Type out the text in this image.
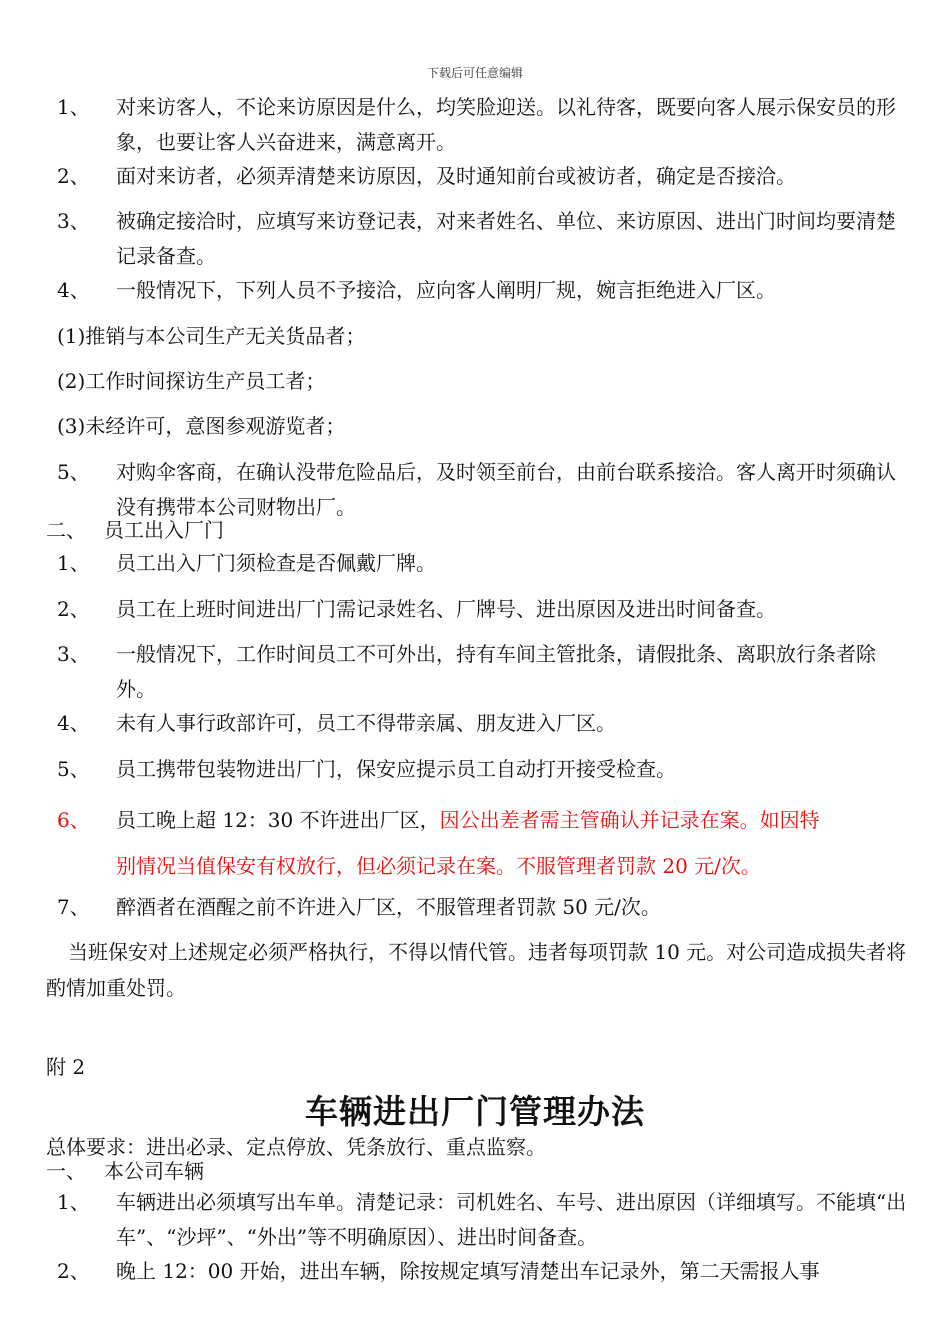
下载后可任意编辑
1、	对来访客人，不论来访原因是什么，均笑脸迎送。以礼待客，既要向客人展示保安员的形象，也要让客人兴奋进来，满意离开。
2、	面对来访者，必须弄清楚来访原因，及时通知前台或被访者，确定是否接洽。
3、	被确定接洽时，应填写来访登记表，对来者姓名、单位、来访原因、进出门时间均要清楚记录备查。
4、	一般情况下，下列人员不予接洽，应向客人阐明厂规，婉言拒绝进入厂区。
(1)推销与本公司生产无关货品者；
(2)工作时间探访生产员工者；
(3)未经许可，意图参观游览者；
5、	对购伞客商，在确认没带危险品后，及时领至前台，由前台联系接洽。客人离开时须确认没有携带本公司财物出厂。
二、 员工出入厂门
1、	员工出入厂门须检查是否佩戴厂牌。
2、	员工在上班时间进出厂门需记录姓名、厂牌号、进出原因及进出时间备查。
3、	一般情况下，工作时间员工不可外出，持有车间主管批条，请假批条、离职放行条者除外。
4、	未有人事行政部许可，员工不得带亲属、朋友进入厂区。
5、	员工携带包装物进出厂门，保安应提示员工自动打开接受检查。
6、	员工晚上超 12：30 不许进出厂区，因公出差者需主管确认并记录在案。如因特
别情况当值保安有权放行，但必须记录在案。不服管理者罚款 20 元/次。
7、	醉酒者在酒醒之前不许进入厂区，不服管理者罚款 50 元/次。
当班保安对上述规定必须严格执行，不得以情代管。违者每项罚款 10 元。对公司造成损失者将酌情加重处罚。
附 2
车辆进出厂门管理办法
总体要求：进出必录、定点停放、凭条放行、重点监察。
一、 本公司车辆
1、	车辆进出必须填写出车单。清楚记录：司机姓名、车号、进出原因（详细填写。不能填“出车”、“沙坪”、“外出”等不明确原因）、进出时间备查。
2、	晚上 12：00 开始，进出车辆，除按规定填写清楚出车记录外，第二天需报人事
